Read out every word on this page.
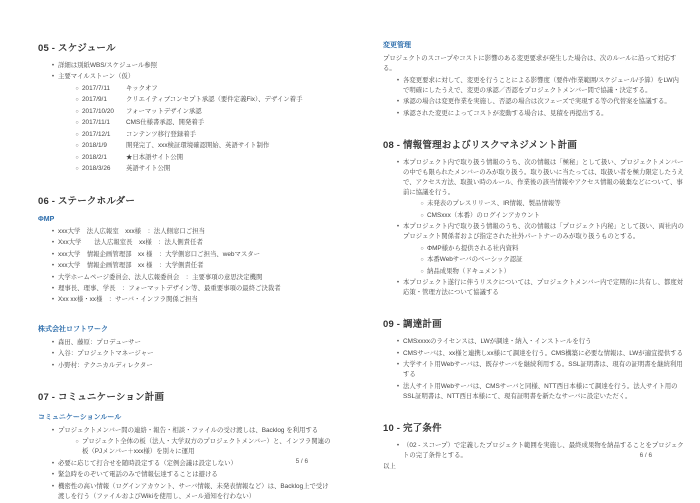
05 - スケジュール
• 詳細は別紙WBS/スケジュール参照
• 主要マイルストーン（仮）
○ 2017/7/11	キックオフ
○ 2017/9/1	クリエイティブコンセプト承認（要件定義Fix）、デザイン着手
○ 2017/10/20	フォーマットデザイン承認
○ 2017/11/1	CMS仕様書承認、開発着手
○ 2017/12/1	コンテンツ移行登録着手
○ 2018/1/9	開発完了、xxx検証環境確認開始、英語サイト制作
○ 2018/2/1	★日本語サイト公開
○ 2018/3/26	英語サイト公開
06 - ステークホルダー
ΦMP
• xxx大学　法人広報室　xxx様　：法人側窓口ご担当
• Xxx大学　　法人広報室長　xx様　：法人側責任者
• xxx大学　情報企画管理部　xx 様　：大学側窓口ご担当、webマスター
• xxx大学　情報企画管理部　xx 様　：大学側責任者
• 大学ホームページ委員会、法人広報委員会　：主要事項の意思決定機関
• 理事長、理事、学長　：フォーマットデザイン等、最重要事項の最終ご決裁者
• Xxx xx様・xx様　：サーバ・インフラ関係ご担当
株式会社ロフトワーク
• 森田、藤原：プロデューサー
• 入谷：プロジェクトマネージャー
• 小野村：テクニカルディレクター
07 - コミュニケーション計画
コミュニケーションルール
• プロジェクトメンバー間の連絡・報告・相談・ファイルの受け渡しは、Backlog を利用する
○ プロジェクト全体の板（法人・大学双方のプロジェクトメンバー）と、インフラ関連の板（PJメンバー＋xxx様）を別々に運用
• 必要に応じて打合せを随時設定する（定例会議は設定しない）
• 緊急時をのぞいて電話のみで情報伝達することは避ける
• 機密性の高い情報（ログインアカウント、サーバ情報、未発表情報など）は、Backlog上で受け渡しを行う（ファイルおよびWikiを使用し、メール通知を行わない）
5 / 6
変更管理
プロジェクトのスコープやコストに影響のある変更要求が発生した場合は、次のルールに沿って対応する。
• 各変更要求に対して、変更を行うことによる影響度（要件/作業範囲/スケジュール/予算）をLW内で明確にしたうえで、変更の承認／否認をプロジェクトメンバー間で協議・決定する。
• 承認の場合は変更作業を実施し、否認の場合は次フェーズで実現する等の代替案を協議する。
• 承認された変更によってコストが変動する場合は、見積を再提出する。
08 - 情報管理およびリスクマネジメント計画
• 本プロジェクト内で取り扱う情報のうち、次の情報は「極秘」として扱い、プロジェクトメンバーの中でも限られたメンバーのみが取り扱う。取り扱いに当たっては、取扱い者を極力限定したうえで、アクセス方法、取扱い時のルール、作業後の該当情報やアクセス情報の破棄などについて、事前に協議を行う。
○ 未発表のプレスリリース、IR情報、製品情報等
○ CMSxxx（本番）のログインアカウント
• 本プロジェクト内で取り扱う情報のうち、次の情報は「プロジェクト内秘」として扱い、両社内のプロジェクト関係者および指定された社外パートナーのみが取り扱うものとする。
○ ΦMP様から提供される社内資料
○ 本番Webサーバのベーシック認証
○ 納品成果物（ドキュメント）
• 本プロジェクト遂行に伴うリスクについては、プロジェクトメンバー内で定期的に共有し、都度対応策・管理方法について協議する
09 - 調達計画
• CMSxxxxのライセンスは、LWが調達・納入・インストールを行う
• CMSサーバは、xx様と連携しxx様にて調達を行う。CMS構築に必要な情報は、LWが適宜提供する
• 大学サイト用Webサーバは、既存サーバを継続利用する。SSL証明書は、現有の証明書を継続利用する
• 法人サイト用Webサーバは、CMSサーバと同様、NTT西日本様にて調達を行う。法人サイト用のSSL証明書は、NTT西日本様にて、現有証明書を新たなサーバに設定いただく。
10 - 完了条件
• （02 - スコープ）で定義したプロジェクト範囲を実施し、最終成果物を納品することをプロジェクトの完了条件とする。
以上
6 / 6
